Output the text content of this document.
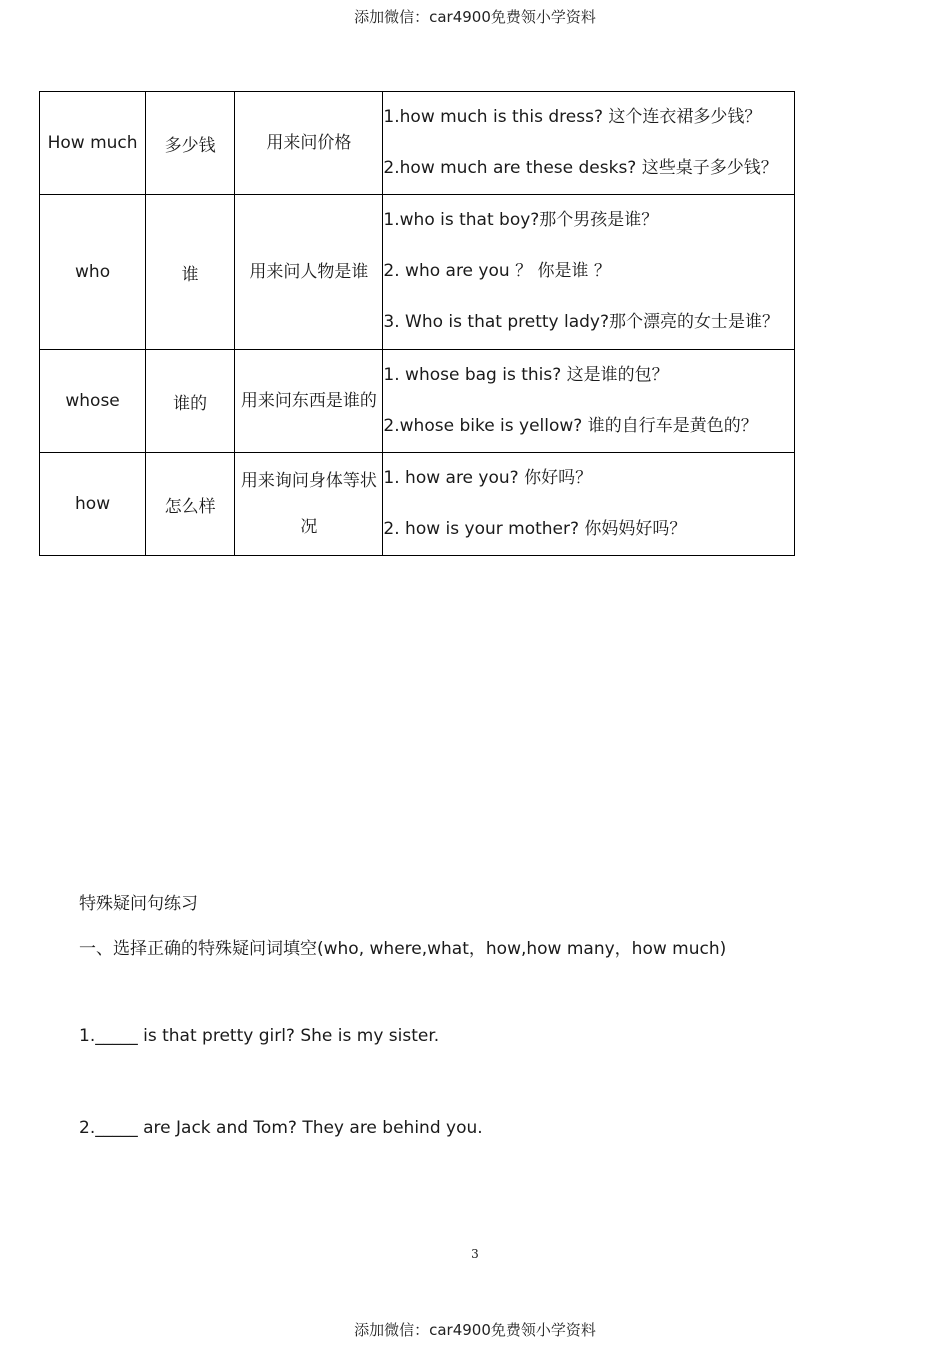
添加微信：car4900免费领小学资料
How much	多少钱	用来问价格	1.how much is this dress? 这个连衣裙多少钱？
2.how much are these desks? 这些桌子多少钱？

who	谁	用来问人物是谁	1.who is that boy?那个男孩是谁？
2. who are you ？ 你是谁 ？
3. Who is that pretty lady?那个漂亮的女士是谁？

whose	谁的	用来问东西是谁的	1. whose bag is this? 这是谁的包？
2.whose bike is yellow? 谁的自行车是黄色的？

how	怎么样	用来询问身体等状况	1. how are you? 你好吗？
2. how is your mother? 你妈妈好吗？
特殊疑问句练习
一、选择正确的特殊疑问词填空(who, where,what，how,how many，how much)
1._____ is that pretty girl? She is my sister.
2._____ are Jack and Tom? They are behind you.
3
添加微信：car4900免费领小学资料
